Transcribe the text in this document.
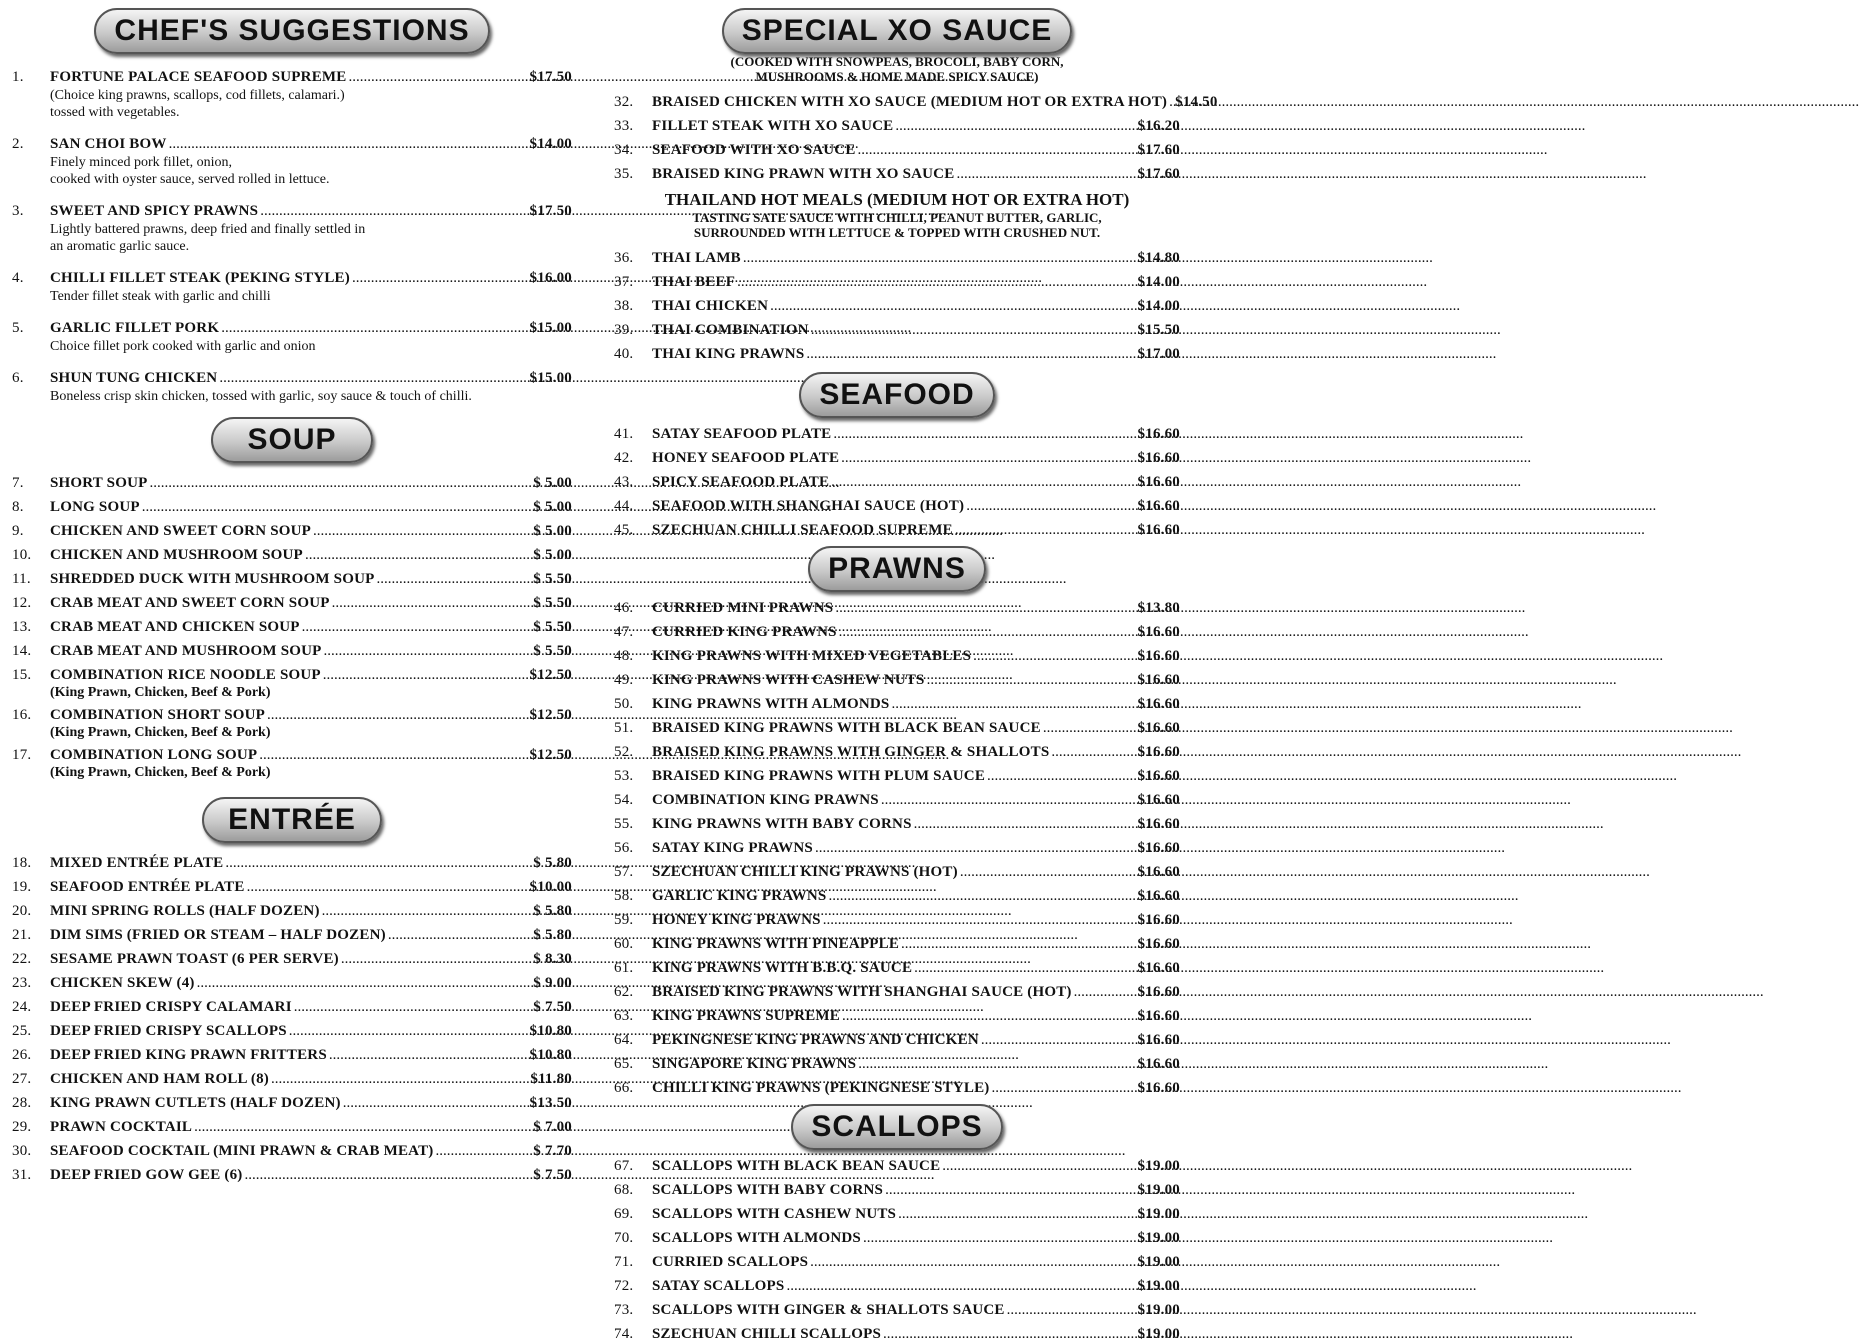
CHEF'S SUGGESTIONS
1.	FORTUNE PALACE SEAFOOD SUPREME .....	$17.50
(Choice king prawns, scallops, cod fillets, calamari.)
tossed with vegetables.
2.	SAN CHOI BOW .....	$14.00
Finely minced pork fillet, onion,
cooked with oyster sauce, served rolled in lettuce.
3.	SWEET AND SPICY PRAWNS .....	$17.50
Lightly battered prawns, deep fried and finally settled in
an aromatic garlic sauce.
4.	CHILLI FILLET STEAK (PEKING STYLE) .....	$16.00
Tender fillet steak with garlic and chilli
5.	GARLIC FILLET PORK .....	$15.00
Choice fillet pork cooked with garlic and onion
6.	SHUN TUNG CHICKEN .....	$15.00
Boneless crisp skin chicken, tossed with garlic, soy sauce & touch of chilli.
SOUP
7.	SHORT SOUP .....	$ 5.00
8.	LONG SOUP .....	$ 5.00
9.	CHICKEN AND SWEET CORN SOUP .....	$ 5.00
10.	CHICKEN AND MUSHROOM SOUP .....	$ 5.00
11.	SHREDDED DUCK WITH MUSHROOM SOUP .....	$ 5.50
12.	CRAB MEAT AND SWEET CORN SOUP .....	$ 5.50
13.	CRAB MEAT AND CHICKEN SOUP .....	$ 5.50
14.	CRAB MEAT AND MUSHROOM SOUP .....	$ 5.50
15.	COMBINATION RICE NOODLE SOUP .....	$12.50
(King Prawn, Chicken, Beef & Pork)
16.	COMBINATION SHORT SOUP .....	$12.50
(King Prawn, Chicken, Beef & Pork)
17.	COMBINATION LONG SOUP .....	$12.50
(King Prawn, Chicken, Beef & Pork)
ENTRÉE
18.	MIXED ENTRÉE PLATE .....	$ 5.80
19.	SEAFOOD ENTRÉE PLATE .....	$10.00
20.	MINI SPRING ROLLS (HALF DOZEN) .....	$ 5.80
21.	DIM SIMS (FRIED OR STEAM – HALF DOZEN) .....	$ 5.80
22.	SESAME PRAWN TOAST (6 PER SERVE) .....	$ 8.30
23.	CHICKEN SKEW (4) .....	$ 9.00
24.	DEEP FRIED CRISPY CALAMARI .....	$ 7.50
25.	DEEP FRIED CRISPY SCALLOPS .....	$10.80
26.	DEEP FRIED KING PRAWN FRITTERS .....	$10.80
27.	CHICKEN AND HAM ROLL (8) .....	$11.80
28.	KING PRAWN CUTLETS (HALF DOZEN) .....	$13.50
29.	PRAWN COCKTAIL .....	$ 7.00
30.	SEAFOOD COCKTAIL (MINI PRAWN & CRAB MEAT) .....	$ 7.70
31.	DEEP FRIED GOW GEE (6) .....	$ 7.50
SPECIAL XO SAUCE
(COOKED WITH SNOWPEAS, BROCOLI, BABY CORN,
MUSHROOMS & HOME MADE SPICY SAUCE)
32.	BRAISED CHICKEN WITH XO SAUCE (MEDIUM HOT OR EXTRA HOT) ..... $14.50
33.	FILLET STEAK WITH XO SAUCE .....	$16.20
34.	SEAFOOD WITH XO SAUCE .....	$17.60
35.	BRAISED KING PRAWN WITH XO SAUCE .....	$17.60
THAILAND HOT MEALS (MEDIUM HOT OR EXTRA HOT)
TASTING SATE SAUCE WITH CHILLI, PEANUT BUTTER, GARLIC,
SURROUNDED WITH LETTUCE & TOPPED WITH CRUSHED NUT.
36.	THAI LAMB .....	$14.80
37.	THAI BEEF .....	$14.00
38.	THAI CHICKEN .....	$14.00
39.	THAI COMBINATION .....	$15.50
40.	THAI KING PRAWNS .....	$17.00
SEAFOOD
41.	SATAY SEAFOOD PLATE .....	$16.60
42.	HONEY SEAFOOD PLATE .....	$16.60
43.	SPICY SEAFOOD PLATE .....	$16.60
44.	SEAFOOD WITH SHANGHAI SAUCE (HOT) .....	$16.60
45.	SZECHUAN CHILLI SEAFOOD SUPREME .....	$16.60
PRAWNS
46.	CURRIED MINI PRAWNS .....	$13.80
47.	CURRIED KING PRAWNS .....	$16.60
48.	KING PRAWNS WITH MIXED VEGETABLES .....	$16.60
49.	KING PRAWNS WITH CASHEW NUTS .....	$16.60
50.	KING PRAWNS WITH ALMONDS .....	$16.60
51.	BRAISED KING PRAWNS WITH BLACK BEAN SAUCE .....	$16.60
52.	BRAISED KING PRAWNS WITH GINGER & SHALLOTS .....	$16.60
53.	BRAISED KING PRAWNS WITH PLUM SAUCE .....	$16.60
54.	COMBINATION KING PRAWNS .....	$16.60
55.	KING PRAWNS WITH BABY CORNS .....	$16.60
56.	SATAY KING PRAWNS .....	$16.60
57.	SZECHUAN CHILLI KING PRAWNS (HOT) .....	$16.60
58.	GARLIC KING PRAWNS .....	$16.60
59.	HONEY KING PRAWNS .....	$16.60
60.	KING PRAWNS WITH PINEAPPLE .....	$16.60
61.	KING PRAWNS WITH B.B.Q. SAUCE .....	$16.60
62.	BRAISED KING PRAWNS WITH SHANGHAI SAUCE (HOT) .....	$16.60
63.	KING PRAWNS SUPREME .....	$16.60
64.	PEKINGNESE KING PRAWNS AND CHICKEN .....	$16.60
65.	SINGAPORE KING PRAWNS .....	$16.60
66.	CHILLI KING PRAWNS (PEKINGNESE STYLE) .....	$16.60
SCALLOPS
67.	SCALLOPS WITH BLACK BEAN SAUCE .....	$19.00
68.	SCALLOPS WITH BABY CORNS .....	$19.00
69.	SCALLOPS WITH CASHEW NUTS .....	$19.00
70.	SCALLOPS WITH ALMONDS .....	$19.00
71.	CURRIED SCALLOPS .....	$19.00
72.	SATAY SCALLOPS .....	$19.00
73.	SCALLOPS WITH GINGER & SHALLOTS SAUCE .....	$19.00
74.	SZECHUAN CHILLI SCALLOPS .....	$19.00
